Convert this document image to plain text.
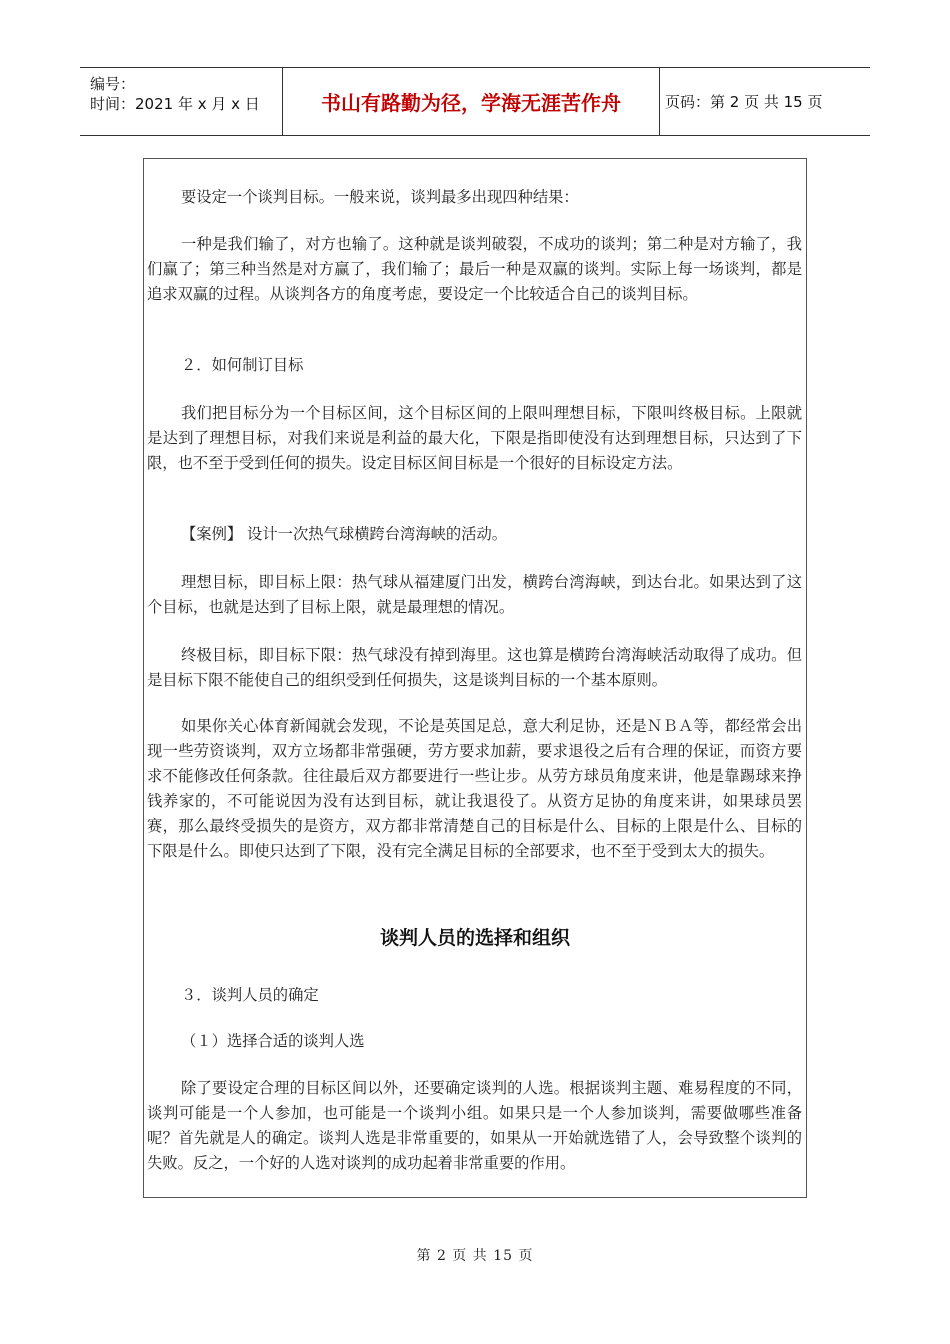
编号：
时间：2021 年 x 月 x 日	书山有路勤为径，学海无涯苦作舟	页码：第 2 页 共 15 页
要设定一个谈判目标。一般来说，谈判最多出现四种结果：
一种是我们输了，对方也输了。这种就是谈判破裂，不成功的谈判；第二种是对方输了，我们赢了；第三种当然是对方赢了，我们输了；最后一种是双赢的谈判。实际上每一场谈判，都是追求双赢的过程。从谈判各方的角度考虑，要设定一个比较适合自己的谈判目标。
２．如何制订目标
我们把目标分为一个目标区间，这个目标区间的上限叫理想目标，下限叫终极目标。上限就是达到了理想目标，对我们来说是利益的最大化，下限是指即使没有达到理想目标，只达到了下限，也不至于受到任何的损失。设定目标区间目标是一个很好的目标设定方法。
【案例】 设计一次热气球横跨台湾海峡的活动。
理想目标，即目标上限：热气球从福建厦门出发，横跨台湾海峡，到达台北。如果达到了这个目标，也就是达到了目标上限，就是最理想的情况。
终极目标，即目标下限：热气球没有掉到海里。这也算是横跨台湾海峡活动取得了成功。但是目标下限不能使自己的组织受到任何损失，这是谈判目标的一个基本原则。
如果你关心体育新闻就会发现，不论是英国足总，意大利足协，还是ＮＢＡ等，都经常会出现一些劳资谈判，双方立场都非常强硬，劳方要求加薪，要求退役之后有合理的保证，而资方要求不能修改任何条款。往往最后双方都要进行一些让步。从劳方球员角度来讲，他是靠踢球来挣钱养家的，不可能说因为没有达到目标，就让我退役了。从资方足协的角度来讲，如果球员罢赛，那么最终受损失的是资方，双方都非常清楚自己的目标是什么、目标的上限是什么、目标的下限是什么。即使只达到了下限，没有完全满足目标的全部要求，也不至于受到太大的损失。
谈判人员的选择和组织
３．谈判人员的确定
（１）选择合适的谈判人选
除了要设定合理的目标区间以外，还要确定谈判的人选。根据谈判主题、难易程度的不同，谈判可能是一个人参加，也可能是一个谈判小组。如果只是一个人参加谈判，需要做哪些准备呢？首先就是人的确定。谈判人选是非常重要的，如果从一开始就选错了人，会导致整个谈判的失败。反之，一个好的人选对谈判的成功起着非常重要的作用。
第 2 页 共 15 页
